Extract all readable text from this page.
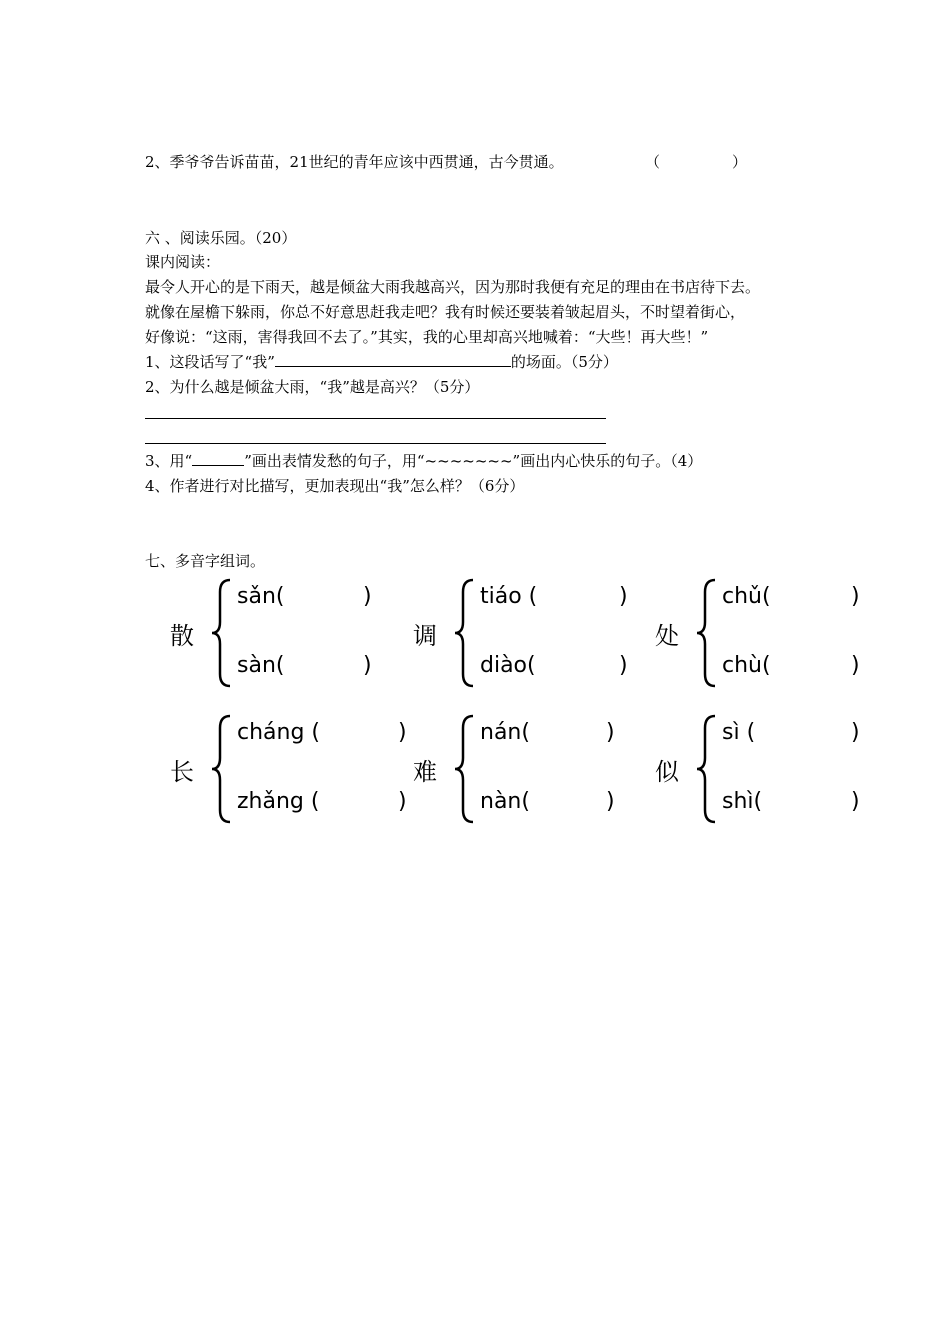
2、季爷爷告诉苗苗，21世纪的青年应该中西贯通，古今贯通。	（	）
六 、阅读乐园。（20）
课内阅读：
最令人开心的是下雨天，越是倾盆大雨我越高兴，因为那时我便有充足的理由在书店待下去。
就像在屋檐下躲雨，你总不好意思赶我走吧？我有时候还要装着皱起眉头，不时望着街心，
好像说：“这雨，害得我回不去了。”其实，我的心里却高兴地喊着：“大些！再大些！”
1、这段话写了“我”	的场面。（5分）
2、为什么越是倾盆大雨，“我”越是高兴？（5分）
3、用“	”画出表情发愁的句子，用“~~~~~~~”画出内心快乐的句子。（4）
4、作者进行对比描写，更加表现出“我”怎么样？（6分）
七、多音字组词。
散
sǎn(
sàn(
)
)
调
tiáo (
diào(
)
)
处
chǔ(
chù(
)
)
长
cháng (
zhǎng (
)
)
难
nán(
nàn(
)
)
似
sì (
shì(
)
)
